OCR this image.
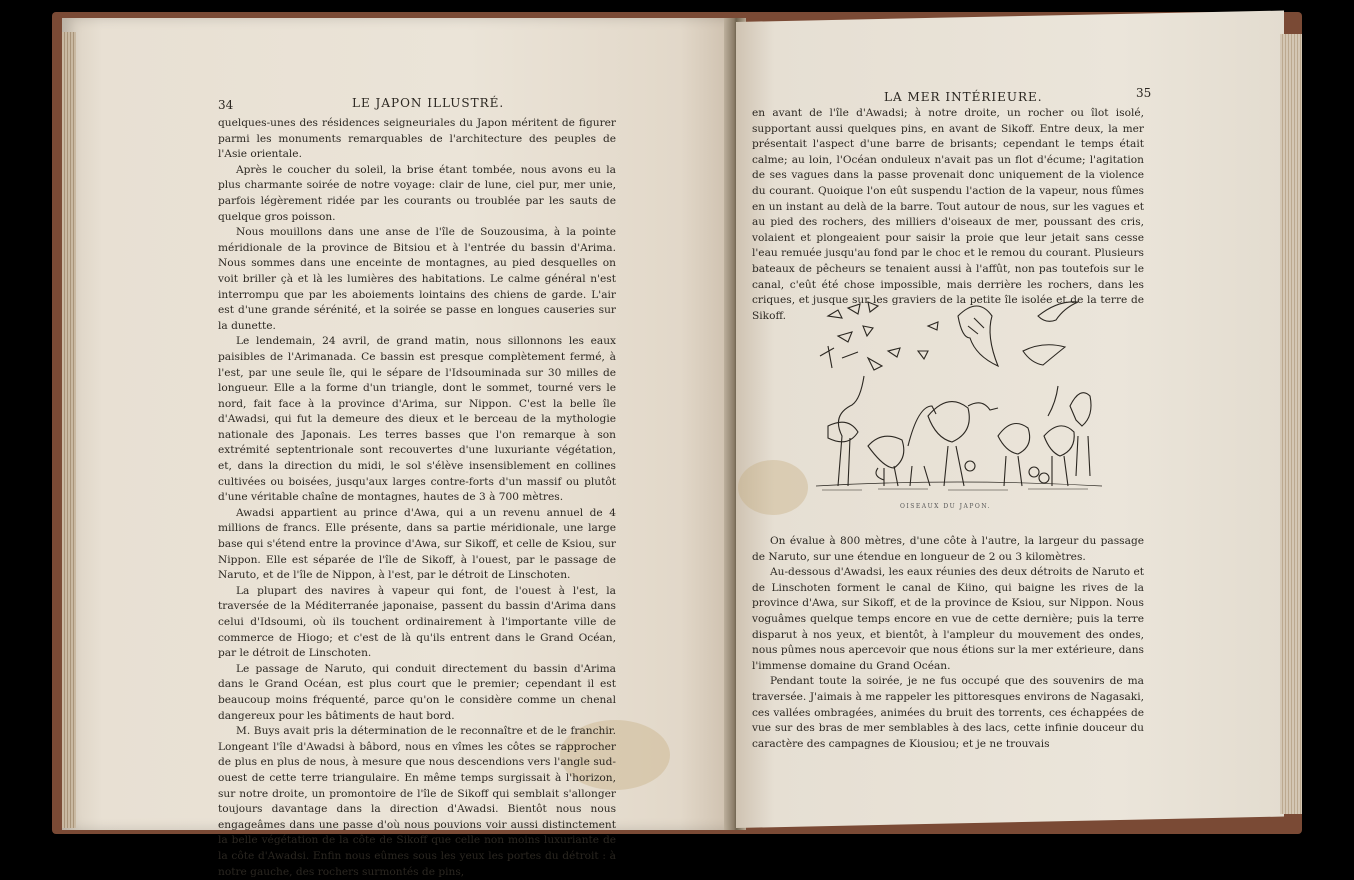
34	LE JAPON ILLUSTRÉ.

quelques-unes des résidences seigneuriales du Japon méritent de figurer parmi les monuments remarquables de l'architecture des peuples de l'Asie orientale.

Après le coucher du soleil, la brise étant tombée, nous avons eu la plus charmante soirée de notre voyage: clair de lune, ciel pur, mer unie, parfois légèrement ridée par les courants ou troublée par les sauts de quelque gros poisson.

Nous mouillons dans une anse de l'île de Souzousima, à la pointe méridionale de la province de Bitsiou et à l'entrée du bassin d'Arima. Nous sommes dans une enceinte de montagnes, au pied desquelles on voit briller çà et là les lumières des habitations. Le calme général n'est interrompu que par les aboiements lointains des chiens de garde. L'air est d'une grande sérénité, et la soirée se passe en longues causeries sur la dunette.

Le lendemain, 24 avril, de grand matin, nous sillonnons les eaux paisibles de l'Arimanada. Ce bassin est presque complètement fermé, à l'est, par une seule île, qui le sépare de l'Idsouminada sur 30 milles de longueur. Elle a la forme d'un triangle, dont le sommet, tourné vers le nord, fait face à la province d'Arima, sur Nippon. C'est la belle île d'Awadsi, qui fut la demeure des dieux et le berceau de la mythologie nationale des Japonais. Les terres basses que l'on remarque à son extrémité septentrionale sont recouvertes d'une luxuriante végétation, et, dans la direction du midi, le sol s'élève insensiblement en collines cultivées ou boisées, jusqu'aux larges contre-forts d'un massif ou plutôt d'une véritable chaîne de montagnes, hautes de 3 à 700 mètres.

Awadsi appartient au prince d'Awa, qui a un revenu annuel de 4 millions de francs. Elle présente, dans sa partie méridionale, une large base qui s'étend entre la province d'Awa, sur Sikoff, et celle de Ksiou, sur Nippon. Elle est séparée de l'île de Sikoff, à l'ouest, par le passage de Naruto, et de l'île de Nippon, à l'est, par le détroit de Linschoten.

La plupart des navires à vapeur qui font, de l'ouest à l'est, la traversée de la Méditerranée japonaise, passent du bassin d'Arima dans celui d'Idsoumi, où ils touchent ordinairement à l'importante ville de commerce de Hiogo; et c'est de là qu'ils entrent dans le Grand Océan, par le détroit de Linschoten.

Le passage de Naruto, qui conduit directement du bassin d'Arima dans le Grand Océan, est plus court que le premier; cependant il est beaucoup moins fréquenté, parce qu'on le considère comme un chenal dangereux pour les bâtiments de haut bord.

M. Buys avait pris la détermination de le reconnaître et de le franchir. Longeant l'île d'Awadsi à bâbord, nous en vîmes les côtes se rapprocher de plus en plus de nous, à mesure que nous descendions vers l'angle sud-ouest de cette terre triangulaire. En même temps surgissait à l'horizon, sur notre droite, un promontoire de l'île de Sikoff qui semblait s'allonger toujours davantage dans la direction d'Awadsi. Bientôt nous nous engageâmes dans une passe d'où nous pouvions voir aussi distinctement la belle végétation de la côte de Sikoff que celle non moins luxuriante de la côte d'Awadsi. Enfin nous eûmes sous les yeux les portes du détroit : à notre gauche, des rochers surmontés de pins,

LA MER INTÉRIEURE.	35

en avant de l'île d'Awadsi; à notre droite, un rocher ou îlot isolé, supportant aussi quelques pins, en avant de Sikoff. Entre deux, la mer présentait l'aspect d'une barre de brisants; cependant le temps était calme; au loin, l'Océan onduleux n'avait pas un flot d'écume; l'agitation de ses vagues dans la passe provenait donc uniquement de la violence du courant. Quoique l'on eût suspendu l'action de la vapeur, nous fûmes en un instant au delà de la barre. Tout autour de nous, sur les vagues et au pied des rochers, des milliers d'oiseaux de mer, poussant des cris, volaient et plongeaient pour saisir la proie que leur jetait sans cesse l'eau remuée jusqu'au fond par le choc et le remou du courant. Plusieurs bateaux de pêcheurs se tenaient aussi à l'affût, non pas toutefois sur le canal, c'eût été chose impossible, mais derrière les rochers, dans les criques, et jusque sur les graviers de la petite île isolée et de la terre de Sikoff.

OISEAUX DU JAPON.

On évalue à 800 mètres, d'une côte à l'autre, la largeur du passage de Naruto, sur une étendue en longueur de 2 ou 3 kilomètres.

Au-dessous d'Awadsi, les eaux réunies des deux détroits de Naruto et de Linschoten forment le canal de Kiino, qui baigne les rives de la province d'Awa, sur Sikoff, et de la province de Ksiou, sur Nippon. Nous voguâmes quelque temps encore en vue de cette dernière; puis la terre disparut à nos yeux, et bientôt, à l'ampleur du mouvement des ondes, nous pûmes nous apercevoir que nous étions sur la mer extérieure, dans l'immense domaine du Grand Océan.

Pendant toute la soirée, je ne fus occupé que des souvenirs de ma traversée. J'aimais à me rappeler les pittoresques environs de Nagasaki, ces vallées ombragées, animées du bruit des torrents, ces échappées de vue sur des bras de mer semblables à des lacs, cette infinie douceur du caractère des campagnes de Kiousiou; et je ne trouvais
